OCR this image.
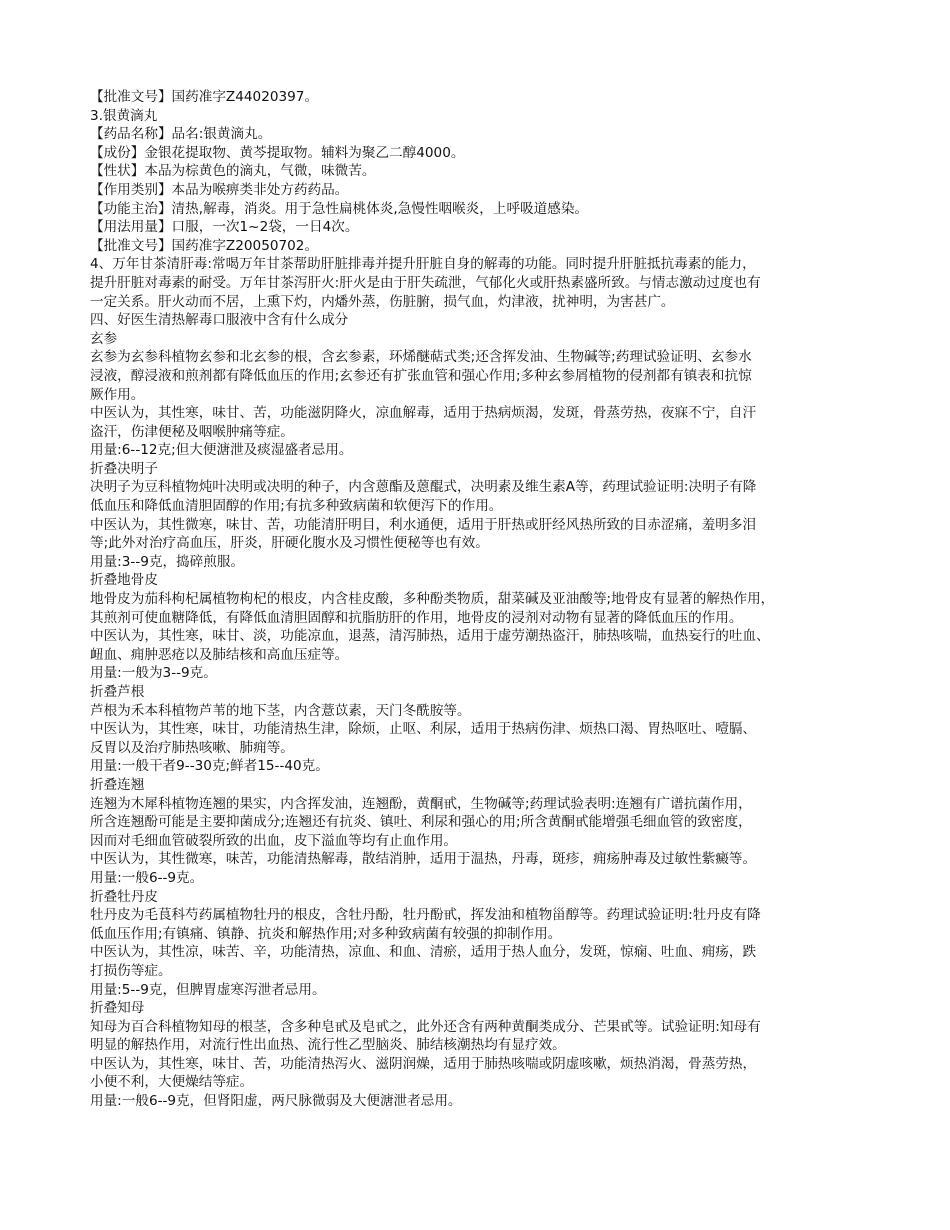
【批准文号】国药准字Z44020397。
3.银黄滴丸
【药品名称】品名:银黄滴丸。
【成份】金银花提取物、黄芩提取物。辅料为聚乙二醇4000。
【性状】本品为棕黄色的滴丸，气微，味微苦。
【作用类别】本品为喉痹类非处方药药品。
【功能主治】清热,解毒，消炎。用于急性扁桃体炎,急慢性咽喉炎，上呼吸道感染。
【用法用量】口服，一次1~2袋，一日4次。
【批准文号】国药准字Z20050702。
4、万年甘茶清肝毒:常喝万年甘茶帮助肝脏排毒并提升肝脏自身的解毒的功能。同时提升肝脏抵抗毒素的能力，
提升肝脏对毒素的耐受。万年甘茶泻肝火:肝火是由于肝失疏泄，气郁化火或肝热素盛所致。与情志激动过度也有
一定关系。肝火动而不居，上熏下灼，内燔外蒸，伤脏腑，损气血，灼津液，扰神明，为害甚广。
四、好医生清热解毒口服液中含有什么成分
玄参
玄参为玄参科植物玄参和北玄参的根，含玄参素，环烯醚萜式类;还含挥发油、生物碱等;药理试验证明、玄参水
浸液，醇浸液和煎剂都有降低血压的作用;玄参还有扩张血管和强心作用;多种玄参屑植物的侵剂都有镇表和抗惊
厥作用。
中医认为，其性寒，味甘、苦，功能滋阴降火，凉血解毒，适用于热病烦渴，发斑，骨蒸劳热，夜寐不宁，自汗
盗汗，伤津便秘及咽喉肿痛等症。
用量:6--12克;但大便溏泄及痰湿盛者忌用。
折叠决明子
决明子为豆科植物炖叶决明或决明的种子，内含蒽酯及蒽醌式，决明素及维生素A等，药理试验证明:决明子有降
低血压和降低血清胆固醇的作用;有抗多种致病菌和软便泻下的作用。
中医认为，其性微寒，味甘、苦，功能清肝明目，利水通便，适用于肝热或肝经风热所致的目赤涩痛，羞明多泪
等;此外对治疗高血压，肝炎，肝硬化腹水及习惯性便秘等也有效。
用量:3--9克，捣碎煎服。
折叠地骨皮
地骨皮为茄科枸杞属植物枸杞的根皮，内含桂皮酸，多种酚类物质，甜菜碱及亚油酸等;地骨皮有显著的解热作用，
其煎剂可使血糖降低，有降低血清胆固醇和抗脂肪肝的作用，地骨皮的浸剂对动物有显著的降低血压的作用。
中医认为，其性寒，味甘、淡，功能凉血，退蒸，清泻肺热，适用于虚劳潮热盗汗，肺热咳喘，血热妄行的吐血、
衄血、痈肿恶疮以及肺结核和高血压症等。
用量:一般为3--9克。
折叠芦根
芦根为禾本科植物芦苇的地下茎，内含薏苡素，天门冬酰胺等。
中医认为，其性寒，味甘，功能清热生津，除烦，止呕、利尿，适用于热病伤津、烦热口渴、胃热呕吐、噎膈、
反胃以及治疗肺热咳嗽、肺痈等。
用量:一般干者9--30克;鲜者15--40克。
折叠连翘
连翘为木犀科植物连翘的果实，内含挥发油，连翘酚，黄酮甙，生物碱等;药理试验表明:连翘有广谱抗菌作用，
所含连翘酚可能是主要抑菌成分;连翘还有抗炎、镇吐、利尿和强心的用;所含黄酮甙能增强毛细血管的致密度，
因而对毛细血管破裂所致的出血，皮下溢血等均有止血作用。
中医认为，其性微寒，味苦，功能清热解毒，散结消肿，适用于温热，丹毒，斑疹，痈疡肿毒及过敏性紫癜等。
用量:一般6--9克。
折叠牡丹皮
牡丹皮为毛茛科芍药属植物牡丹的根皮，含牡丹酚，牡丹酚甙，挥发油和植物甾醇等。药理试验证明:牡丹皮有降
低血压作用;有镇痛、镇静、抗炎和解热作用;对多种致病菌有较强的抑制作用。
中医认为，其性凉，味苦、辛，功能清热，凉血、和血、清瘀，适用于热人血分，发斑，惊痫、吐血、痈疡，跌
打损伤等症。
用量:5--9克，但脾胃虚寒泻泄者忌用。
折叠知母
知母为百合科植物知母的根茎，含多种皂甙及皂甙之，此外还含有两种黄酮类成分、芒果甙等。试验证明:知母有
明显的解热作用，对流行性出血热、流行性乙型脑炎、肺结核潮热均有显疗效。
中医认为，其性寒，味甘、苦，功能清热泻火、滋阴润燥，适用于肺热咳喘或阴虚咳嗽，烦热消渴，骨蒸劳热，
小便不利，大便燥结等症。
用量:一般6--9克，但肾阳虚，两尺脉微弱及大便溏泄者忌用。
